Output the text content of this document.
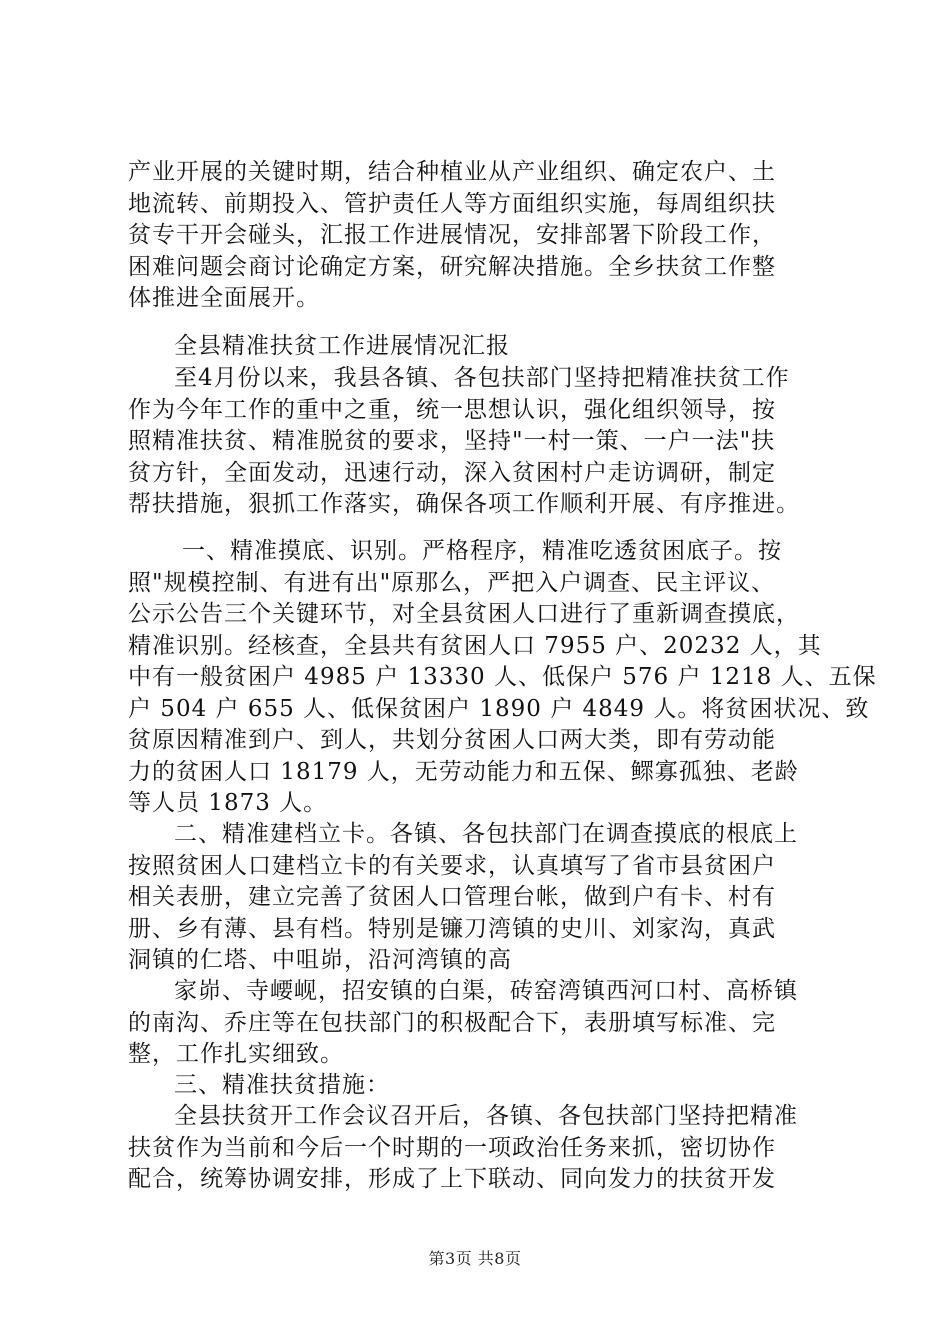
产业开展的关键时期，结合种植业从产业组织、确定农户、土
地流转、前期投入、管护责任人等方面组织实施，每周组织扶
贫专干开会碰头，汇报工作进展情况，安排部署下阶段工作，
困难问题会商讨论确定方案，研究解决措施。全乡扶贫工作整
体推进全面展开。
全县精准扶贫工作进展情况汇报
至4月份以来，我县各镇、各包扶部门坚持把精准扶贫工作
作为今年工作的重中之重，统一思想认识，强化组织领导，按
照精准扶贫、精准脱贫的要求，坚持"一村一策、一户一法"扶
贫方针，全面发动，迅速行动，深入贫困村户走访调研，制定
帮扶措施，狠抓工作落实，确保各项工作顺利开展、有序推进。
一、精准摸底、识别。严格程序，精准吃透贫困底子。按
照"规模控制、有进有出"原那么，严把入户调查、民主评议、
公示公告三个关键环节，对全县贫困人口进行了重新调查摸底，
精准识别。经核查，全县共有贫困人口 7955 户、20232 人，其
中有一般贫困户 4985 户 13330 人、低保户 576 户 1218 人、五保
户 504 户 655 人、低保贫困户 1890 户 4849 人。将贫困状况、致
贫原因精准到户、到人，共划分贫困人口两大类，即有劳动能
力的贫困人口 18179 人，无劳动能力和五保、鳏寡孤独、老龄
等人员 1873 人。
二、精准建档立卡。各镇、各包扶部门在调查摸底的根底上
按照贫困人口建档立卡的有关要求，认真填写了省市县贫困户
相关表册，建立完善了贫困人口管理台帐，做到户有卡、村有
册、乡有薄、县有档。特别是镰刀湾镇的史川、刘家沟，真武
洞镇的仁塔、中咀峁，沿河湾镇的高
家峁、寺崾岘，招安镇的白渠，砖窑湾镇西河口村、高桥镇
的南沟、乔庄等在包扶部门的积极配合下，表册填写标准、完
整，工作扎实细致。
三、精准扶贫措施：
全县扶贫开工作会议召开后，各镇、各包扶部门坚持把精准
扶贫作为当前和今后一个时期的一项政治任务来抓，密切协作
配合，统筹协调安排，形成了上下联动、同向发力的扶贫开发
第3页 共8页
